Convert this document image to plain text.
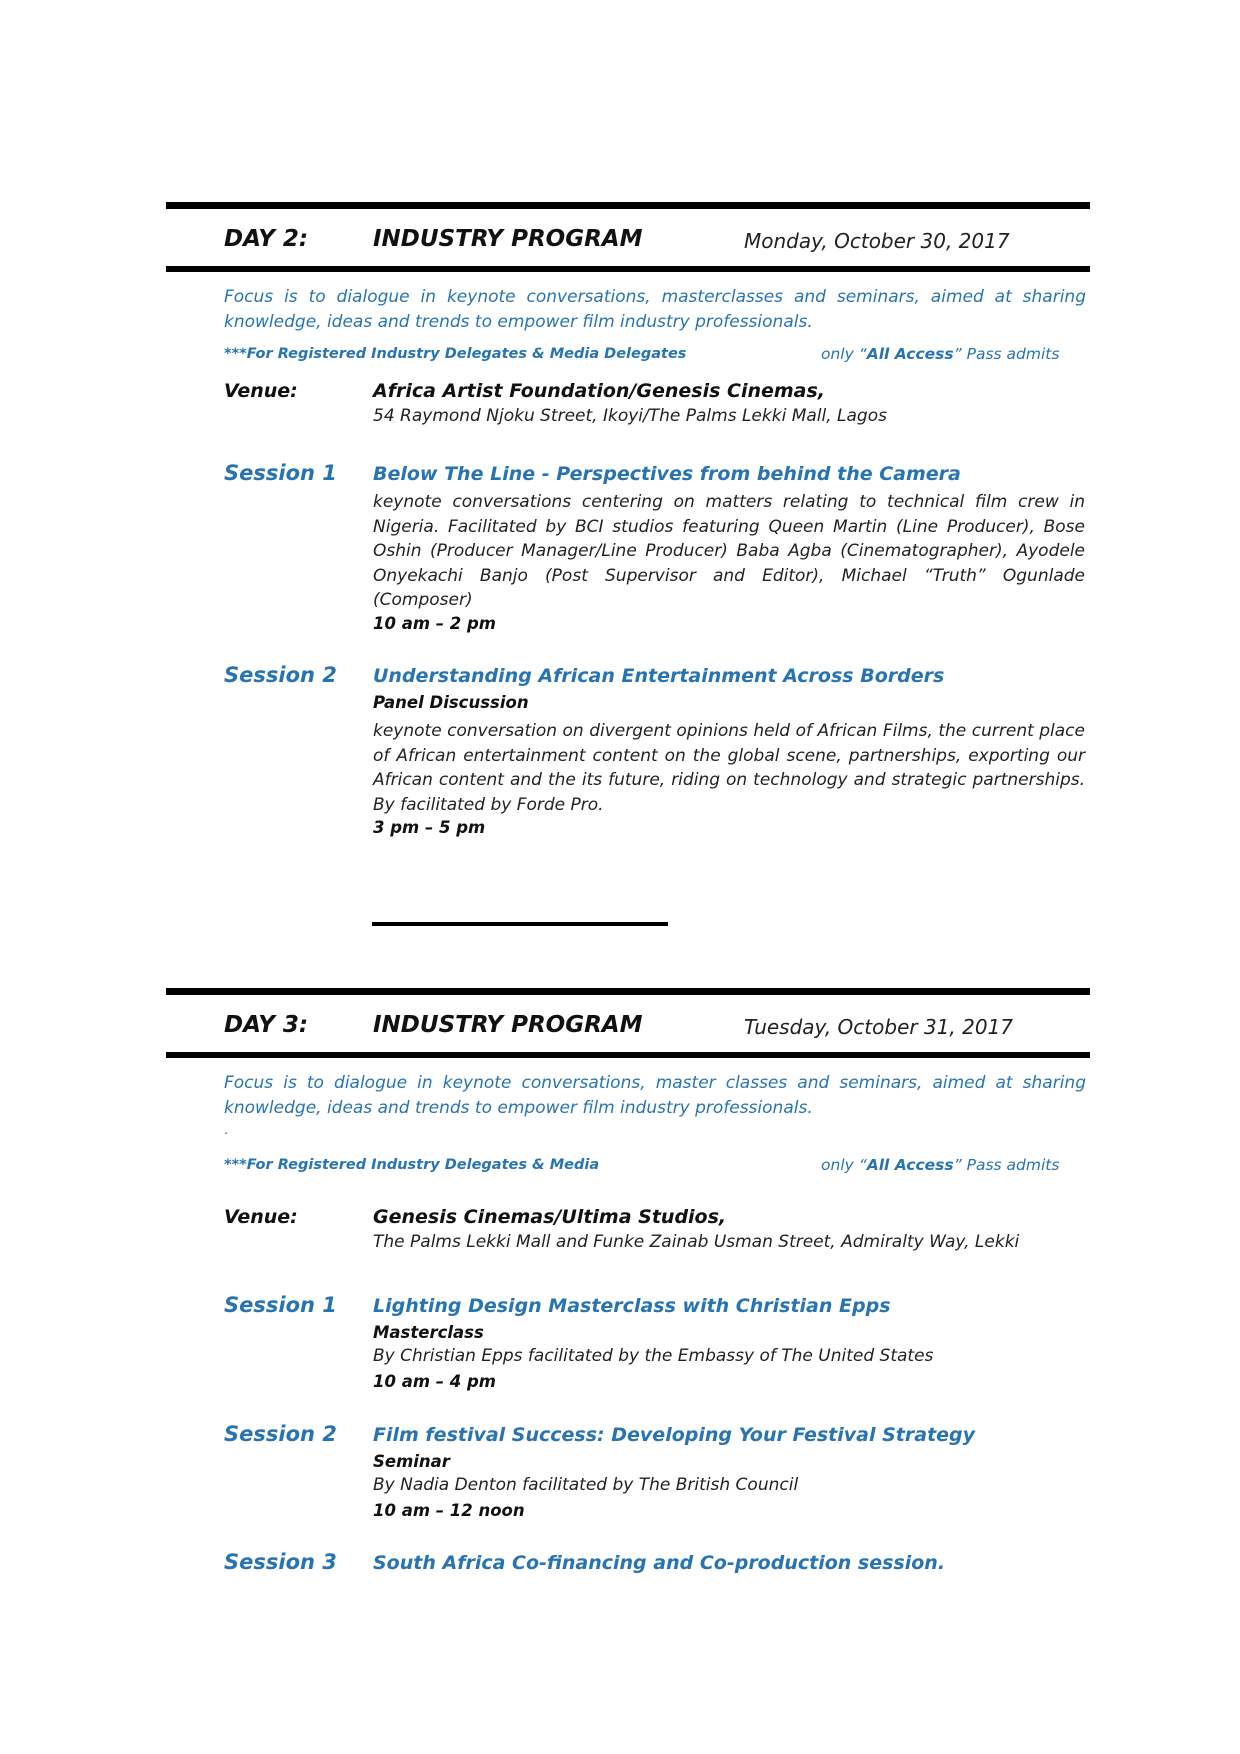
DAY 2:	INDUSTRY PROGRAM	Monday, October 30, 2017
Focus is to dialogue in keynote conversations, masterclasses and seminars, aimed at sharing
knowledge, ideas and trends to empower film industry professionals.
***For Registered Industry Delegates & Media Delegates	only “All Access” Pass admits
Venue:	Africa Artist Foundation/Genesis Cinemas,
54 Raymond Njoku Street, Ikoyi/The Palms Lekki Mall, Lagos
Session 1 Below The Line - Perspectives from behind the Camera
keynote conversations centering on matters relating to technical film crew in Nigeria. Facilitated by BCI studios featuring Queen Martin (Line Producer), Bose Oshin (Producer Manager/Line Producer) Baba Agba (Cinematographer), Ayodele Onyekachi Banjo (Post Supervisor and Editor), Michael “Truth” Ogunlade (Composer)
10 am – 2 pm
Session 2 Understanding African Entertainment Across Borders
Panel Discussion
keynote conversation on divergent opinions held of African Films, the current place of African entertainment content on the global scene, partnerships, exporting our African content and the its future, riding on technology and strategic partnerships. By facilitated by Forde Pro.
3 pm – 5 pm
DAY 3:	INDUSTRY PROGRAM	Tuesday, October 31, 2017
Focus is to dialogue in keynote conversations, master classes and seminars, aimed at sharing
knowledge, ideas and trends to empower film industry professionals.
.
***For Registered Industry Delegates & Media	only “All Access” Pass admits
Venue:	Genesis Cinemas/Ultima Studios,
The Palms Lekki Mall and Funke Zainab Usman Street, Admiralty Way, Lekki
Session 1 Lighting Design Masterclass with Christian Epps
Masterclass
By Christian Epps facilitated by the Embassy of The United States
10 am – 4 pm
Session 2 Film festival Success: Developing Your Festival Strategy
Seminar
By Nadia Denton facilitated by The British Council
10 am – 12 noon
Session 3 South Africa Co-financing and Co-production session.
